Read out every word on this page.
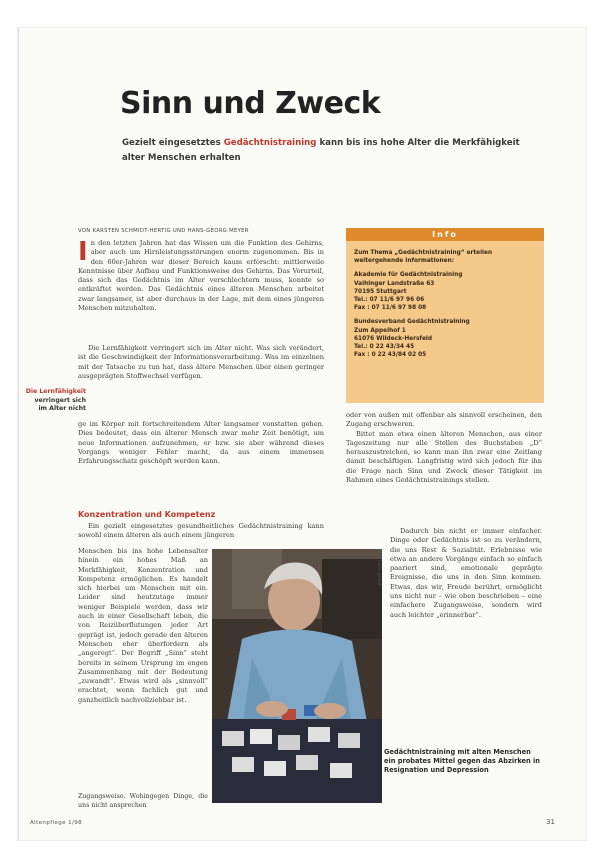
Sinn und Zweck
Gezielt eingesetztes Gedächtnistraining kann bis ins hohe Alter die Merkfähigkeit alter Menschen erhalten
VON KARSTEN SCHMIDT-HERTIG UND HANS-GEORG MEYER
I n den letzten Jahren hat das Wissen um die Funktion des Gehirns, aber auch um Hirnleistungsstörungen enorm zugenommen. Bis in den 60er-Jahren war dieser Bereich kaum erforscht: mittlerweile Kenntnisse über Aufbau und Funktionsweise des Gehirns. Das Vorurteil, dass sich das Gedächtnis im Alter verschlechtern muss, konnte so entkräftet werden. Das Gedächtnis eines älteren Menschen arbeitet zwar langsamer, ist aber durchaus in der Lage, mit dem eines jüngeren Menschen mitzuhalten.

Die Lernfähigkeit verringert sich im Alter nicht. Was sich verändert, ist die Geschwindigkeit der Informationsverarbeitung. Was im einzelnen mit der Tatsache zu tun hat, dass ältere Menschen über einen geringer ausgeprägten Stoffwechsel verfügen.

Die Lernfähigkeit
verringert sich im Alter nicht

ge im Körper mit fortschreitendem Alter langsamer vonstatten gehen. Dies bedeutet, dass ein älterer Mensch zwar mehr Zeit benötigt, um neue Informationen aufzunehmen, er bzw. sie aber während dieses Vorgangs weniger Fehler macht, da aus einem immensen Erfahrungsschatz geschöpft werden kann.

Konzentration und Kompetenz

Ein gezielt eingesetztes gesundheitliches Gedächtnistraining kann sowohl einem älteren als auch einem jüngeren

Menschen bis ins hohe Lebensalter hinein ein hohes Maß an Merkfähigkeit, Konzentration und Kompetenz ermöglichen. Es handelt sich hierbei um Menschen mit ein. Leider sind heutzutage immer weniger Beispiele werden, dass wir auch in einer Gesellschaft leben, die von Reizüberflutungen jeder Art geprägt ist, jedoch gerade den älteren Menschen eher überfordern als „angeregt“. Der Begriff „Sinn“ steht bereits in seinem Ursprung im engen Zusammenhang mit der Bedeutung „zuwandt“. Etwas wird als „sinnvoll“ erachtet, wenn fachlich gut und ganzheitlich nachvollziehbar ist.

Zugangsweise. Wohingegen Dinge, die uns nicht ansprechen

Info
Zum Thema „Gedächtnistraining“ erteilen weitergehende Informationen:
Akademie für Gedächtnistraining
Vaihinger Landstraße 63
70195 Stuttgart
Tel.: 07 11/6 97 96 06
Fax : 07 11/6 97 98 08
Bundesverband Gedächtnistraining
Zum Appelhof 1
61076 Wildeck-Hersfeld
Tel.: 0 22 43/34 45
Fax : 0 22 43/84 02 05

oder von außen mit offenbar als sinnvoll erscheinen, den Zugang erschweren.

Bittet man etwa einen älteren Menschen, aus einer Tageszeitung nur alle Stellen des Buchstaben „D“ herauszustreichen, so kann man ihn zwar eine Zeitlang damit beschäftigen. Langfristig wird sich jedoch für ihn die Frage nach Sinn und Zweck dieser Tätigkeit im Rahmen eines Gedächtnistrainings stellen.

Dadurch bin nicht er immer einfacher. Dinge oder Gedächtnis ist so zu verändern, die uns Rest & Sozialität. Erlebnisse wie etwa an andere Vorgänge einfach so einfach paariert sind, emotionale geprägte Ereignisse, die uns in den Sinn kommen. Etwas, das wir, Freude berührt, ermöglicht uns nicht nur – wie oben beschrieben – eine einfachere Zugangsweise, sondern wird auch leichter „erinnerbar“.
Foto: privat
Gedächtnistraining mit alten Menschen ein probates Mittel gegen das Abzirken in Resignation und Depression
Altenpflege 1/98	31
